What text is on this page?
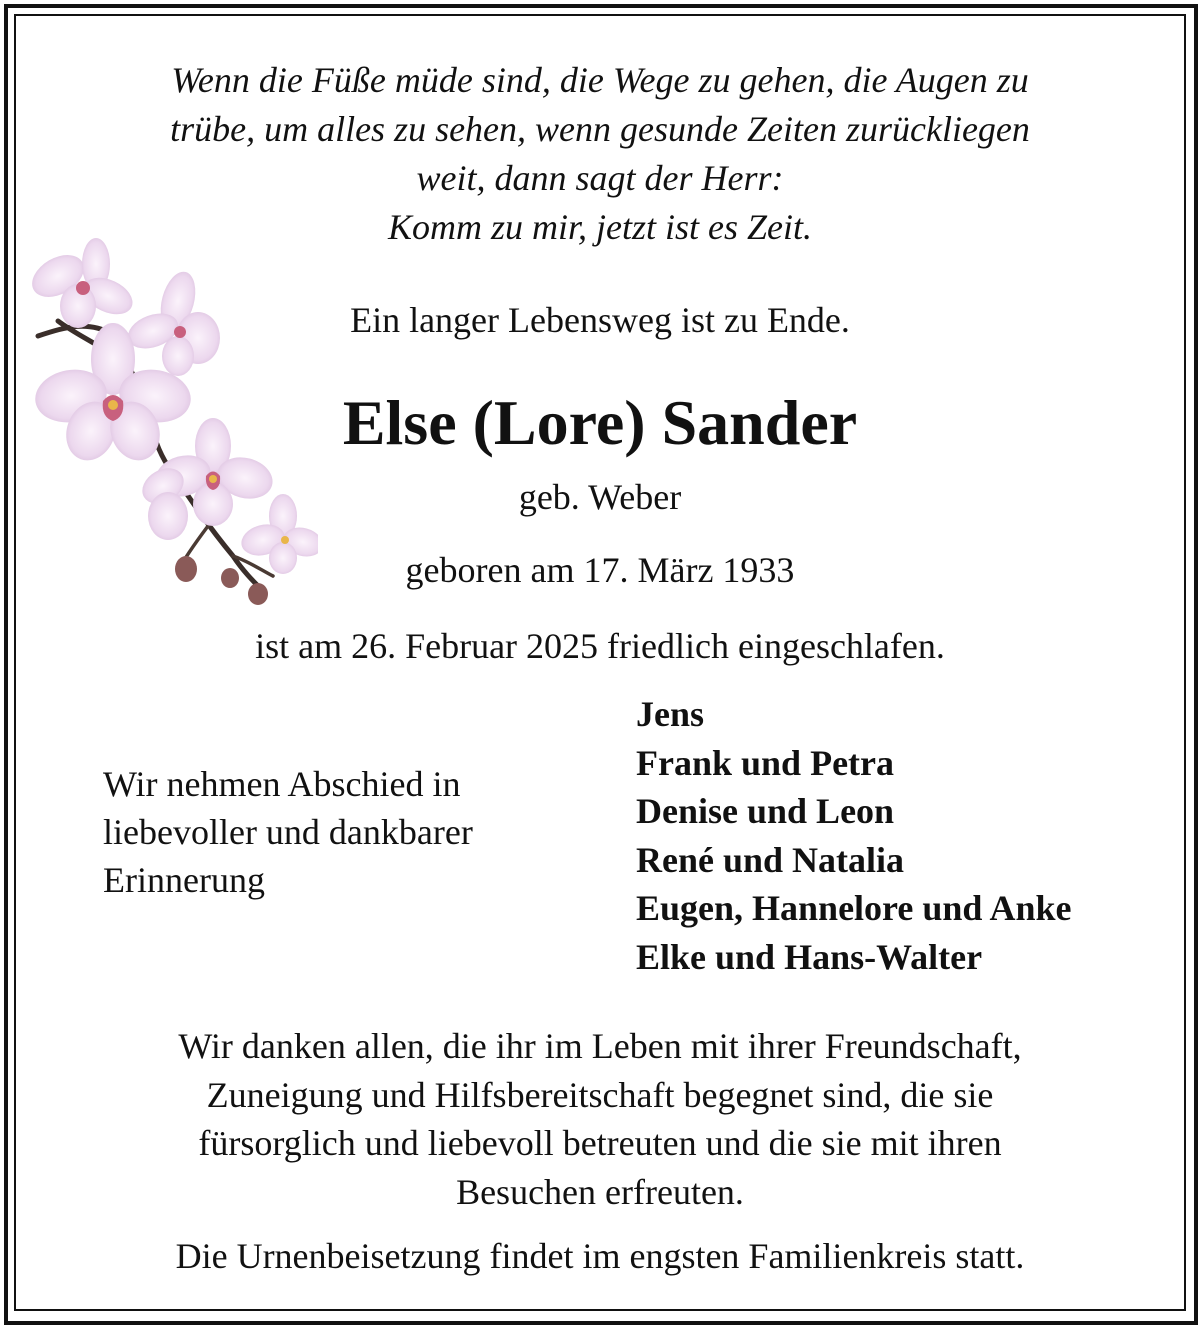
Wenn die Füße müde sind, die Wege zu gehen, die Augen zu
trübe, um alles zu sehen, wenn gesunde Zeiten zurückliegen
weit, dann sagt der Herr:
Komm zu mir, jetzt ist es Zeit.
Ein langer Lebensweg ist zu Ende.
Else (Lore) Sander
geb. Weber
geboren am 17. März 1933
ist am 26. Februar 2025 friedlich eingeschlafen.
Wir nehmen Abschied in
liebevoller und dankbarer
Erinnerung
Jens
Frank und Petra
Denise und Leon
René und Natalia
Eugen, Hannelore und Anke
Elke und Hans-Walter
Wir danken allen, die ihr im Leben mit ihrer Freundschaft,
Zuneigung und Hilfsbereitschaft begegnet sind, die sie
fürsorglich und liebevoll betreuten und die sie mit ihren
Besuchen erfreuten.
Die Urnenbeisetzung findet im engsten Familienkreis statt.
